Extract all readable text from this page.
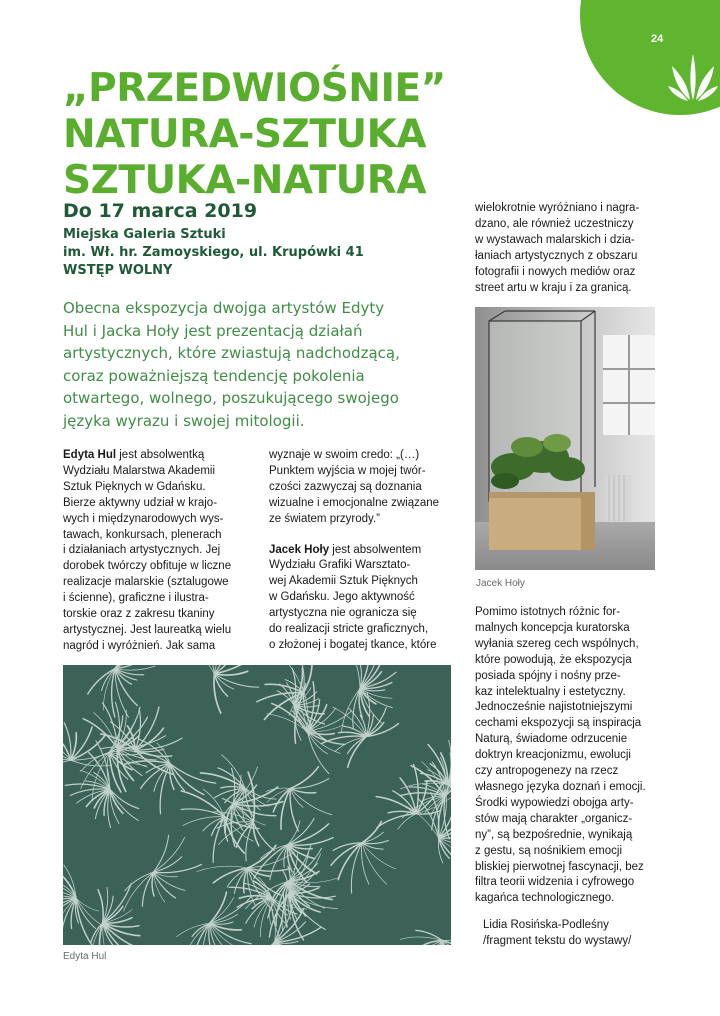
24
„PRZEDWIOŚNIE”
NATURA-SZTUKA
SZTUKA-NATURA
Do 17 marca 2019
Miejska Galeria Sztuki
im. Wł. hr. Zamoyskiego, ul. Krupówki 41
WSTĘP WOLNY
Obecna ekspozycja dwojga artystów Edyty
Hul i Jacka Hoły jest prezentacją działań
artystycznych, które zwiastują nadchodzącą,
coraz poważniejszą tendencję pokolenia
otwartego, wolnego, poszukującego swojego
języka wyrazu i swojej mitologii.
Edyta Hul jest absolwentką
Wydziału Malarstwa Akademii
Sztuk Pięknych w Gdańsku.
Bierze aktywny udział w krajo-
wych i międzynarodowych wys-
tawach, konkursach, plenerach
i działaniach artystycznych. Jej
dorobek twórczy obfituje w liczne
realizacje malarskie (sztalugowe
i ścienne), graficzne i ilustra-
torskie oraz z zakresu tkaniny
artystycznej. Jest laureatką wielu
nagród i wyróżnień. Jak sama
wyznaje w swoim credo: „(…)
Punktem wyjścia w mojej twór-
czości zazwyczaj są doznania
wizualne i emocjonalne związane
ze światem przyrody.”
Jacek Hoły jest absolwentem
Wydziału Grafiki Warsztato-
wej Akademii Sztuk Pięknych
w Gdańsku. Jego aktywność
artystyczna nie ogranicza się
do realizacji stricte graficznych,
o złożonej i bogatej tkance, które
wielokrotnie wyróżniano i nagra-
dzano, ale również uczestniczy
w wystawach malarskich i dzia-
łaniach artystycznych z obszaru
fotografii i nowych mediów oraz
street artu w kraju i za granicą.
Jacek Hoły
Pomimo istotnych różnic for-
malnych koncepcja kuratorska
wyłania szereg cech wspólnych,
które powodują, że ekspozycja
posiada spójny i nośny prze-
kaz intelektualny i estetyczny.
Jednocześnie najistotniejszymi
cechami ekspozycji są inspiracja
Naturą, świadome odrzucenie
doktryn kreacjonizmu, ewolucji
czy antropogenezy na rzecz
własnego języka doznań i emocji.
Środki wypowiedzi obojga arty-
stów mają charakter „organicz-
ny”, są bezpośrednie, wynikają
z gestu, są nośnikiem emocji
bliskiej pierwotnej fascynacji, bez
filtra teorii widzenia i cyfrowego
kagańca technologicznego.
Lidia Rosińska-Podleśny
/fragment tekstu do wystawy/
Edyta Hul
